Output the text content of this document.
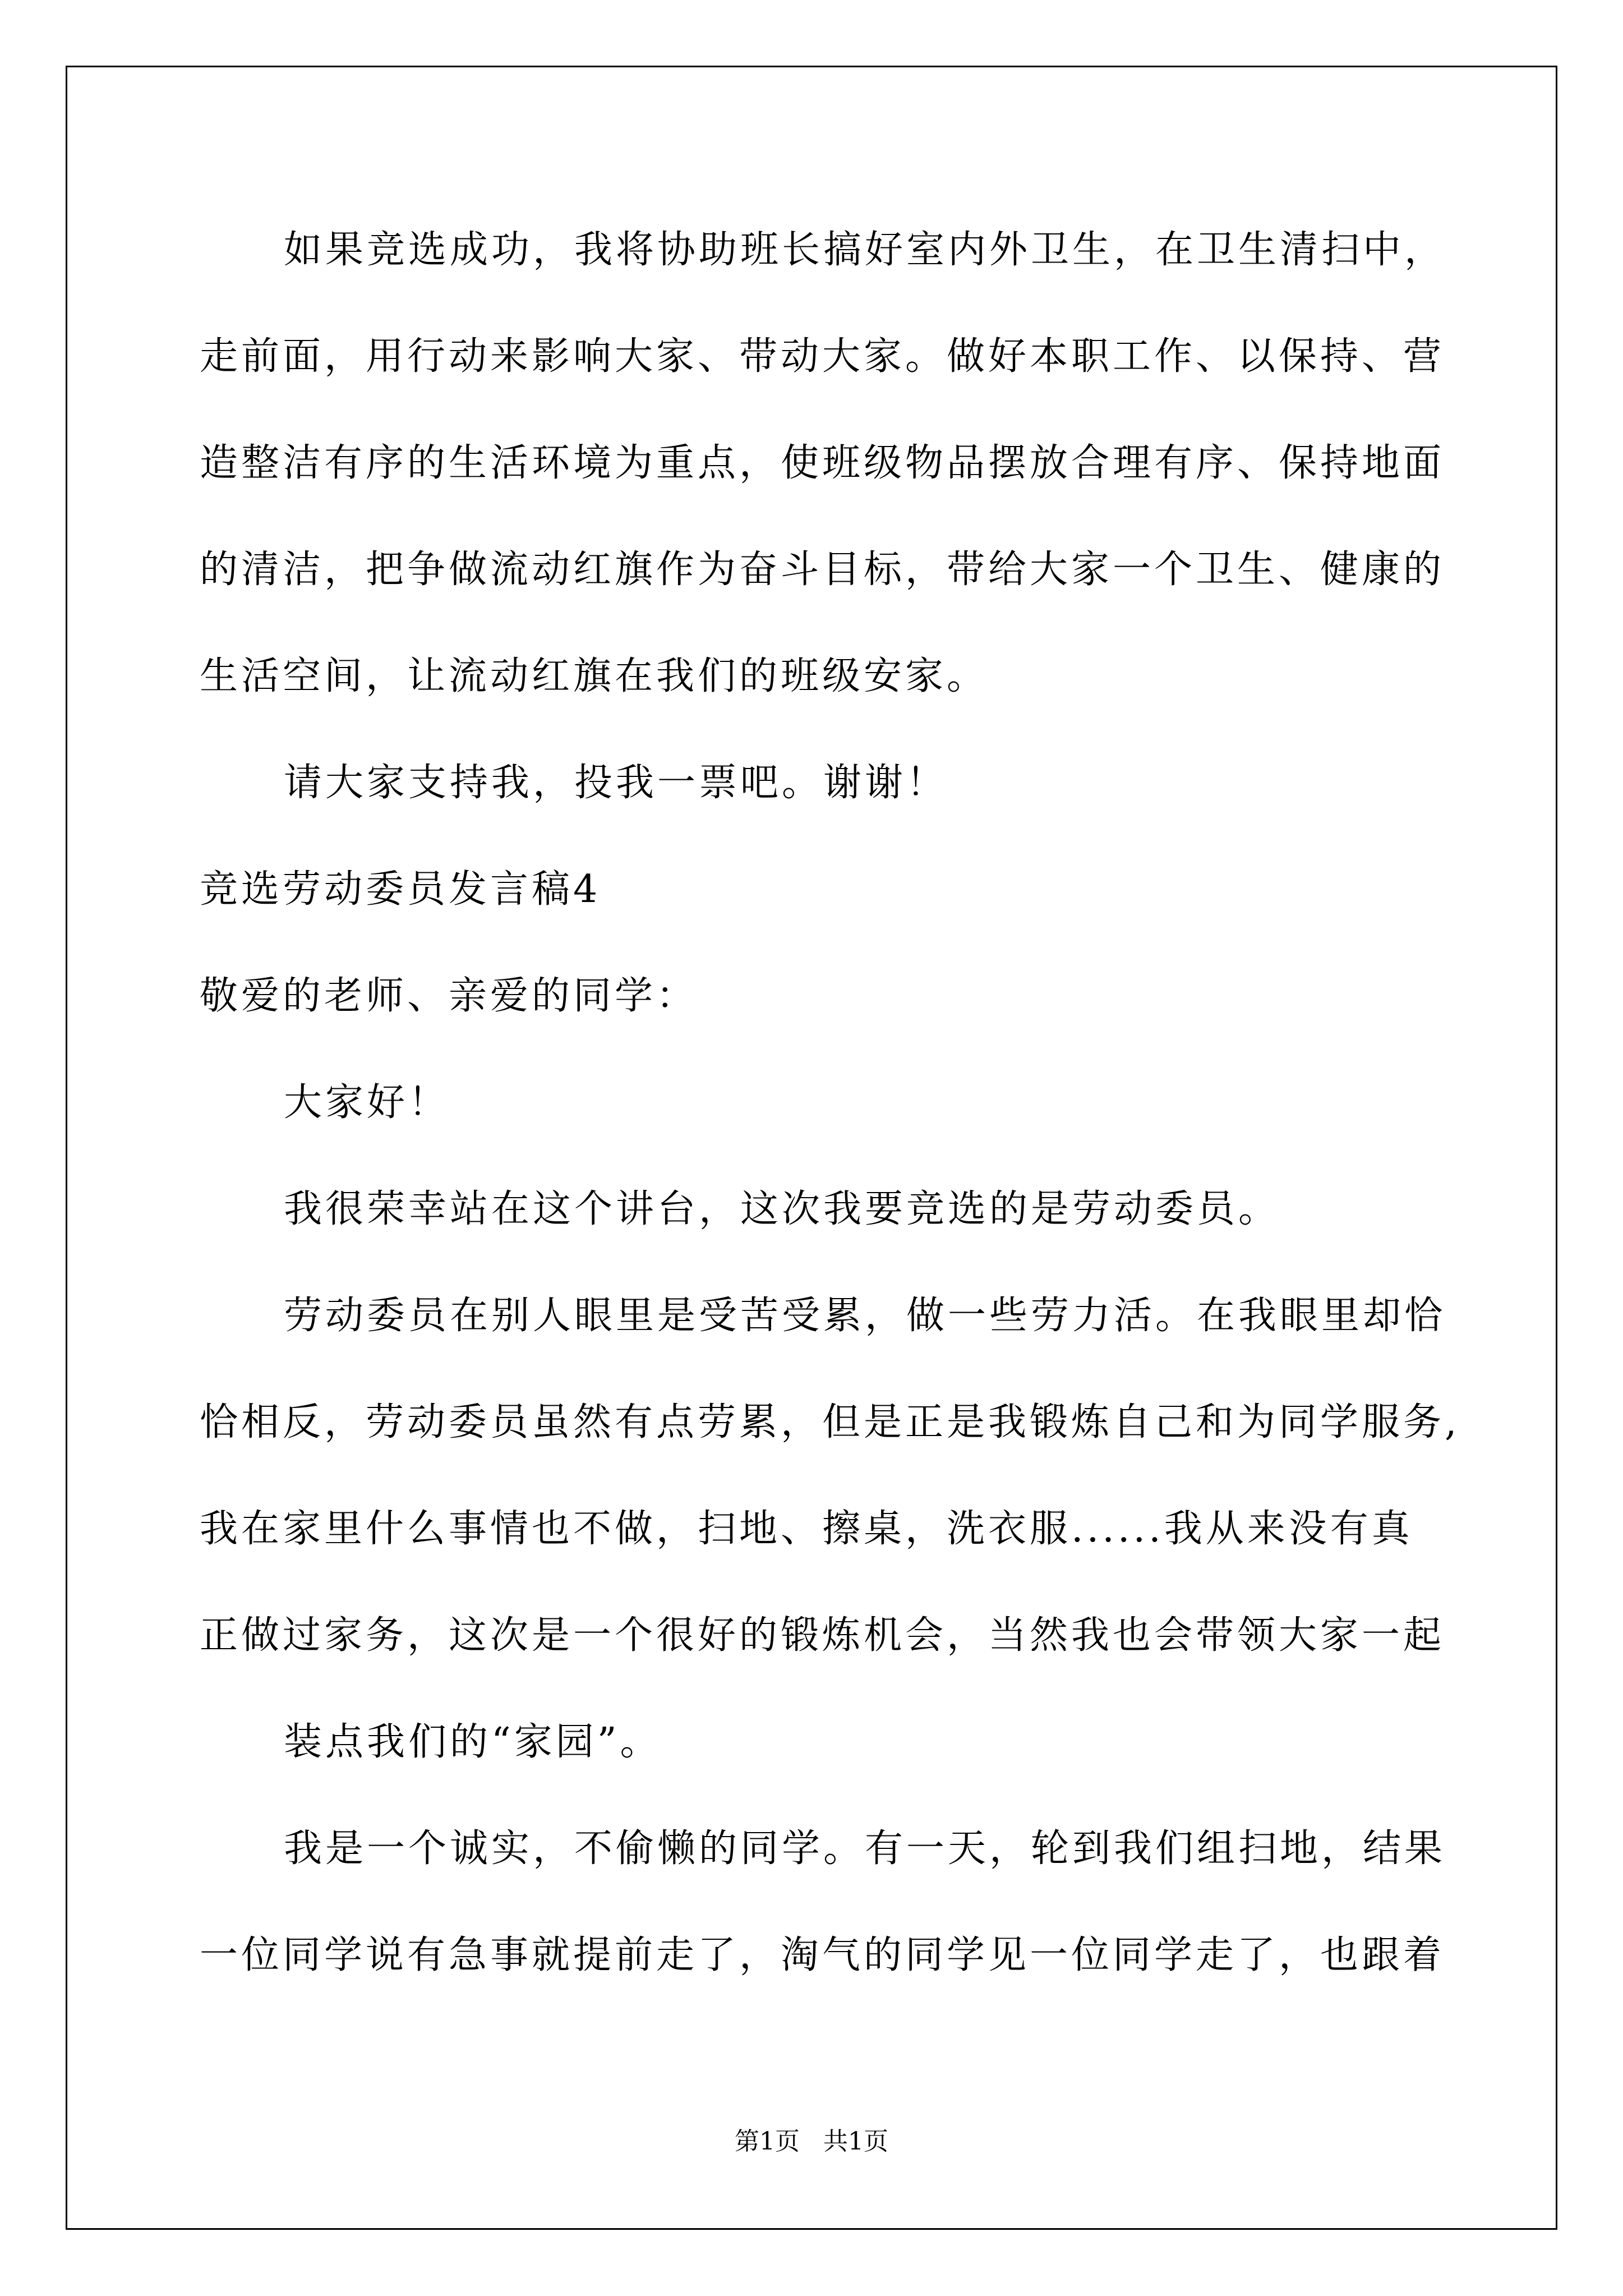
如果竞选成功，我将协助班长搞好室内外卫生，在卫生清扫中，
走前面，用行动来影响大家、带动大家。做好本职工作、以保持、营
造整洁有序的生活环境为重点，使班级物品摆放合理有序、保持地面
的清洁，把争做流动红旗作为奋斗目标，带给大家一个卫生、健康的
生活空间，让流动红旗在我们的班级安家。
请大家支持我，投我一票吧。谢谢！
竞选劳动委员发言稿4
敬爱的老师、亲爱的同学：
大家好！
我很荣幸站在这个讲台，这次我要竞选的是劳动委员。
劳动委员在别人眼里是受苦受累，做一些劳力活。在我眼里却恰
恰相反，劳动委员虽然有点劳累，但是正是我锻炼自己和为同学服务,
我在家里什么事情也不做，扫地、擦桌，洗衣服......我从来没有真
正做过家务，这次是一个很好的锻炼机会，当然我也会带领大家一起
装点我们的“家园”。
我是一个诚实，不偷懒的同学。有一天，轮到我们组扫地，结果
一位同学说有急事就提前走了，淘气的同学见一位同学走了，也跟着
第1页   共1页
